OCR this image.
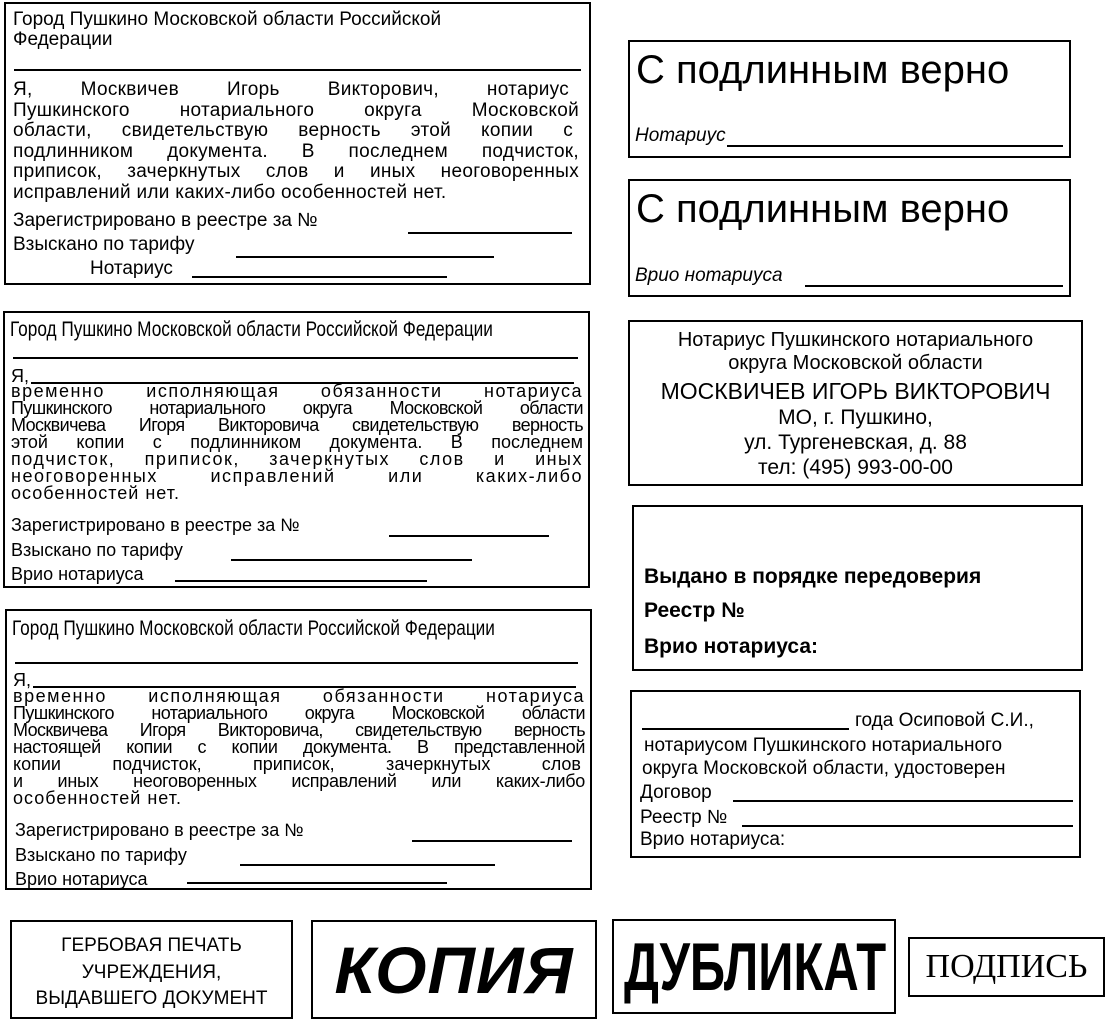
Город Пушкино Московской области Российской
Федерации
Я, Москвичев Игорь Викторович, нотариус
Пушкинского нотариального округа Московской
области, свидетельствую верность этой копии с
подлинником документа. В последнем подчисток,
приписок, зачеркнутых слов и иных неоговоренных
исправлений или каких-либо особенностей нет.
Зарегистрировано в реестре за №
Взыскано по тарифу
Нотариус
С подлинным верно
Нотариус
С подлинным верно
Врио нотариуса
Город Пушкино Московской области Российской Федерации
Я,
временно исполняющая обязанности нотариуса
Пушкинского нотариального округа Московской области
Москвичева Игоря Викторовича свидетельствую верность
этой копии с подлинником документа. В последнем
подчисток, приписок, зачеркнутых слов и иных
неоговоренных исправлений или каких-либо
особенностей нет.
Зарегистрировано в реестре за №
Взыскано по тарифу
Врио нотариуса
Нотариус Пушкинского нотариального
округа Московской области
МОСКВИЧЕВ ИГОРЬ ВИКТОРОВИЧ
МО, г. Пушкино,
ул. Тургеневская, д. 88
тел: (495) 993-00-00
Выдано в порядке передоверия
Реестр №
Врио нотариуса:
Город Пушкино Московской области Российской Федерации
Я,
временно исполняющая обязанности нотариуса
Пушкинского нотариального округа Московской области
Москвичева Игоря Викторовича, свидетельствую верность
настоящей копии с копии документа. В представленной
копии подчисток, приписок, зачеркнутых слов
и иных неоговоренных исправлений или каких-либо
особенностей нет.
Зарегистрировано в реестре за №
Взыскано по тарифу
Врио нотариуса
года Осиповой С.И.,
нотариусом Пушкинского нотариального
округа Московской области, удостоверен
Договор
Реестр №
Врио нотариуса:
ГЕРБОВАЯ ПЕЧАТЬ
УЧРЕЖДЕНИЯ,
ВЫДАВШЕГО ДОКУМЕНТ	КОПИЯ ДУБЛИКАТ	ПОДПИСЬ
